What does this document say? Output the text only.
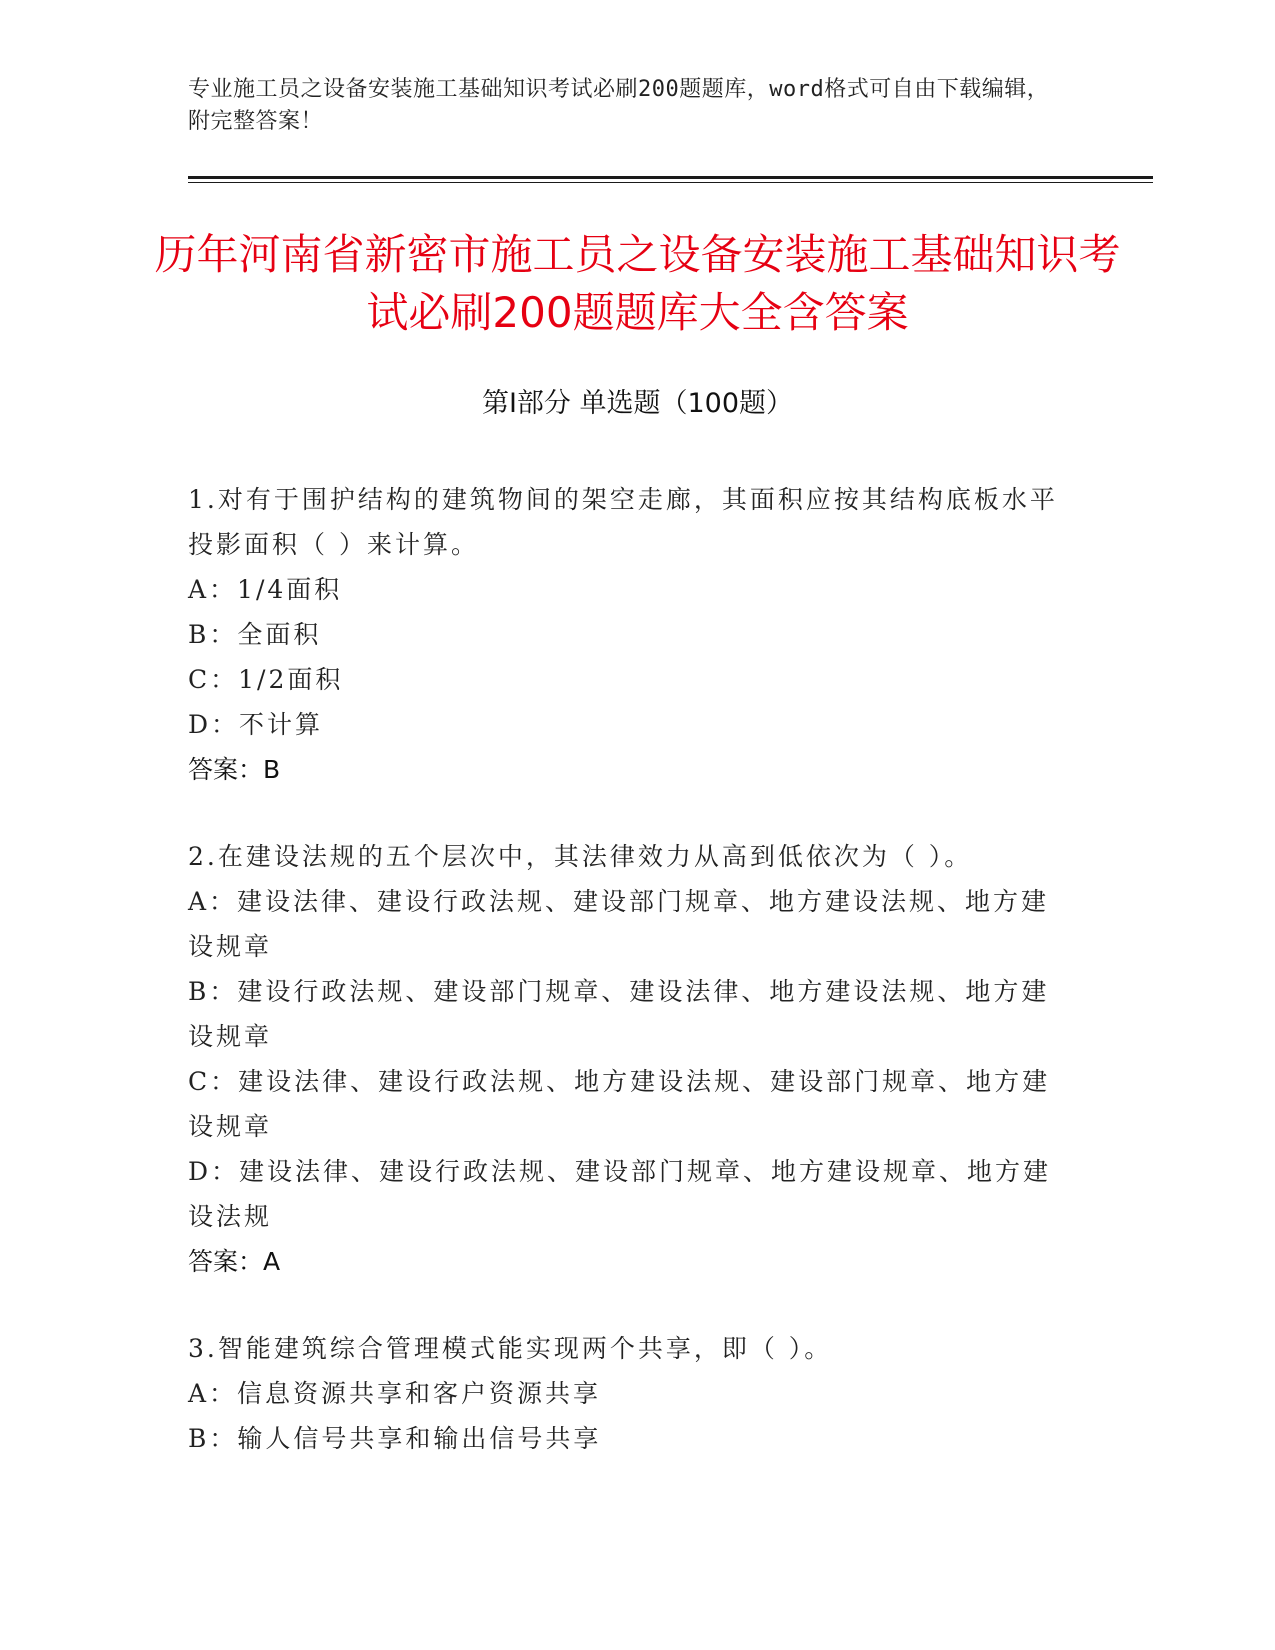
专业施工员之设备安装施工基础知识考试必刷200题题库，word格式可自由下载编辑，附完整答案！
历年河南省新密市施工员之设备安装施工基础知识考试必刷200题题库大全含答案
第Ⅰ部分 单选题（100题）

1.对有于围护结构的建筑物间的架空走廊，其面积应按其结构底板水平投影面积（ ）来计算。

A：1/4面积

B：全面积

C：1/2面积

D：不计算

答案：B

2.在建设法规的五个层次中，其法律效力从高到低依次为（ ）。

A：建设法律、建设行政法规、建设部门规章、地方建设法规、地方建设规章

B：建设行政法规、建设部门规章、建设法律、地方建设法规、地方建设规章

C：建设法律、建设行政法规、地方建设法规、建设部门规章、地方建设规章

D：建设法律、建设行政法规、建设部门规章、地方建设规章、地方建设法规

答案：A

3.智能建筑综合管理模式能实现两个共享，即（ ）。

A：信息资源共享和客户资源共享

B：输人信号共享和输出信号共享
